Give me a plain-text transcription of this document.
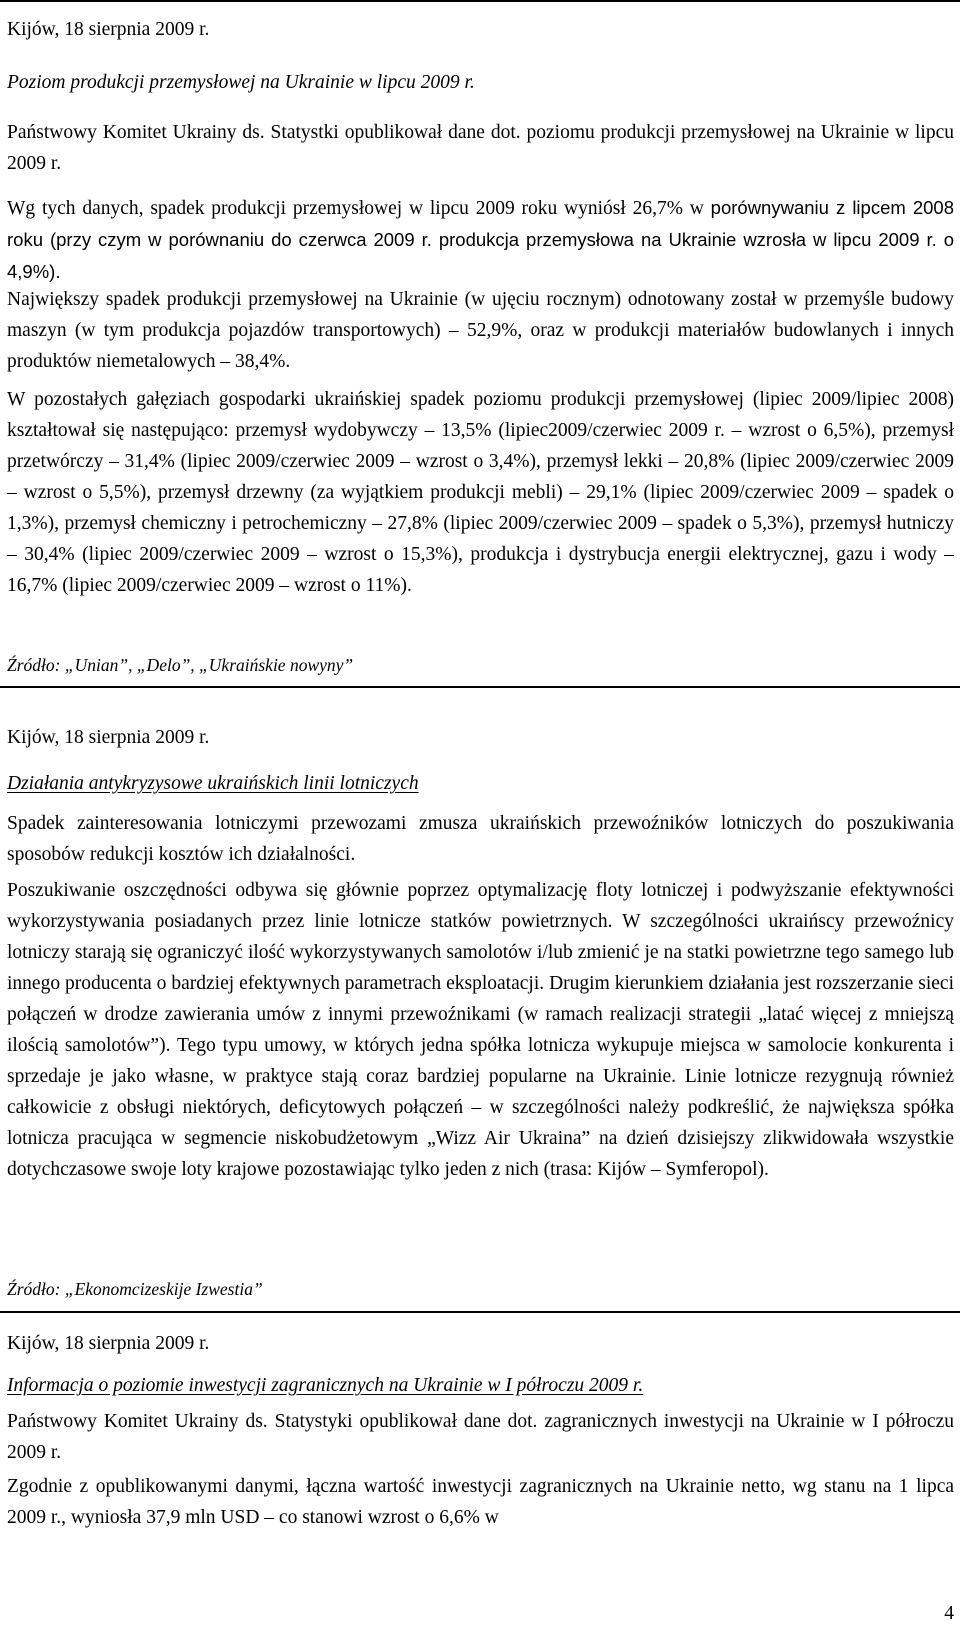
Kijów, 18 sierpnia 2009 r.

Poziom produkcji przemysłowej na Ukrainie w lipcu 2009 r.

Państwowy Komitet Ukrainy ds. Statystki opublikował dane dot. poziomu produkcji przemysłowej na Ukrainie w lipcu 2009 r.

Wg tych danych, spadek produkcji przemysłowej w lipcu 2009 roku wyniósł 26,7% w porównywaniu z lipcem 2008 roku (przy czym w porównaniu do czerwca 2009 r. produkcja przemysłowa na Ukrainie wzrosła w lipcu 2009 r. o 4,9%).

Największy spadek produkcji przemysłowej na Ukrainie (w ujęciu rocznym) odnotowany został w przemyśle budowy maszyn (w tym produkcja pojazdów transportowych) – 52,9%, oraz w produkcji materiałów budowlanych i innych produktów niemetalowych – 38,4%.

W pozostałych gałęziach gospodarki ukraińskiej spadek poziomu produkcji przemysłowej (lipiec 2009/lipiec 2008) kształtował się następująco: przemysł wydobywczy – 13,5% (lipiec2009/czerwiec 2009 r. – wzrost o 6,5%), przemysł przetwórczy – 31,4% (lipiec 2009/czerwiec 2009 – wzrost o 3,4%), przemysł lekki – 20,8% (lipiec 2009/czerwiec 2009 – wzrost o 5,5%), przemysł drzewny (za wyjątkiem produkcji mebli) – 29,1% (lipiec 2009/czerwiec 2009 – spadek o 1,3%), przemysł chemiczny i petrochemiczny – 27,8% (lipiec 2009/czerwiec 2009 – spadek o 5,3%), przemysł hutniczy – 30,4% (lipiec 2009/czerwiec 2009 – wzrost o 15,3%), produkcja i dystrybucja energii elektrycznej, gazu i wody – 16,7% (lipiec 2009/czerwiec 2009 – wzrost o 11%).

Źródło: „Unian”, „Delo”, „Ukraińskie nowyny”

Kijów, 18 sierpnia 2009 r.

Działania antykryzysowe ukraińskich linii lotniczych

Spadek zainteresowania lotniczymi przewozami zmusza ukraińskich przewoźników lotniczych do poszukiwania sposobów redukcji kosztów ich działalności.

Poszukiwanie oszczędności odbywa się głównie poprzez optymalizację floty lotniczej i podwyższanie efektywności wykorzystywania posiadanych przez linie lotnicze statków powietrznych. W szczególności ukraińscy przewoźnicy lotniczy starają się ograniczyć ilość wykorzystywanych samolotów i/lub zmienić je na statki powietrzne tego samego lub innego producenta o bardziej efektywnych parametrach eksploatacji. Drugim kierunkiem działania jest rozszerzanie sieci połączeń w drodze zawierania umów z innymi przewoźnikami (w ramach realizacji strategii „latać więcej z mniejszą ilością samolotów”). Tego typu umowy, w których jedna spółka lotnicza wykupuje miejsca w samolocie konkurenta i sprzedaje je jako własne, w praktyce stają coraz bardziej popularne na Ukrainie. Linie lotnicze rezygnują również całkowicie z obsługi niektórych, deficytowych połączeń – w szczególności należy podkreślić, że największa spółka lotnicza pracująca w segmencie niskobudżetowym „Wizz Air Ukraina” na dzień dzisiejszy zlikwidowała wszystkie dotychczasowe swoje loty krajowe pozostawiając tylko jeden z nich (trasa: Kijów – Symferopol).

Źródło: „Ekonomcizeskije Izwestia”

Kijów, 18 sierpnia 2009 r.

Informacja o poziomie inwestycji zagranicznych na Ukrainie w I półroczu 2009 r.

Państwowy Komitet Ukrainy ds. Statystyki opublikował dane dot. zagranicznych inwestycji na Ukrainie w I półroczu 2009 r.

Zgodnie z opublikowanymi danymi, łączna wartość inwestycji zagranicznych na Ukrainie netto, wg stanu na 1 lipca 2009 r., wyniosła 37,9 mln USD – co stanowi wzrost o 6,6% w

4
